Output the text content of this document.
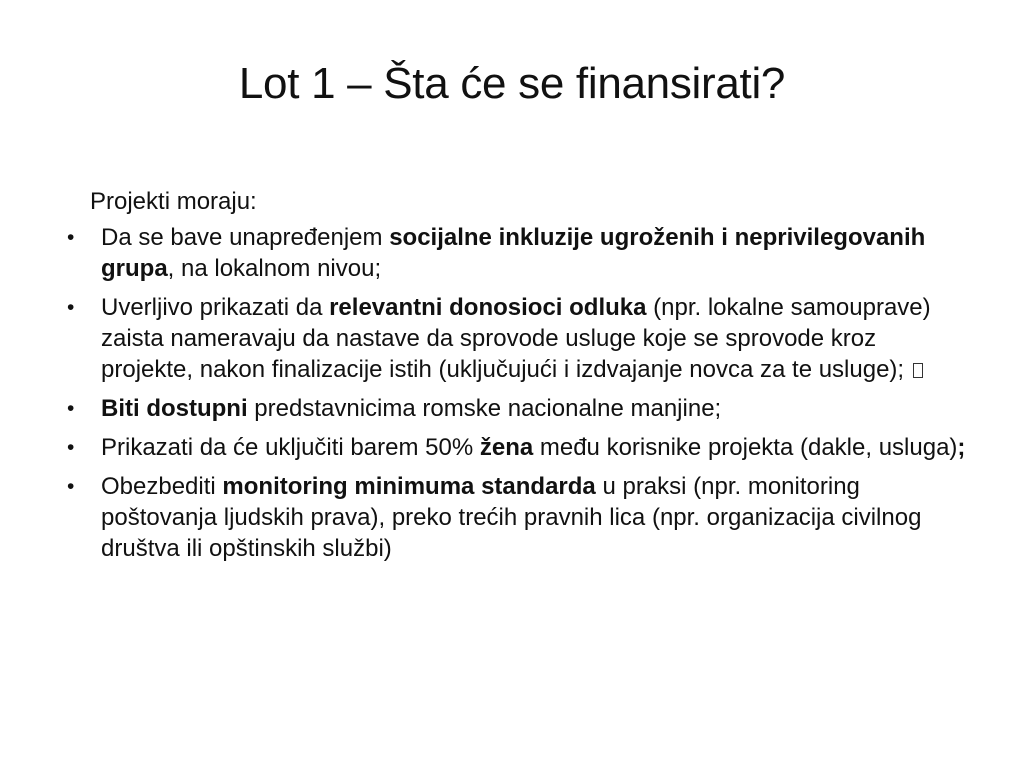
Lot 1 – Šta će se finansirati?

Projekti moraju:

• Da se bave unapređenjem socijalne inkluzije ugroženih i neprivilegovanih grupa, na lokalnom nivou;
• Uverljivo prikazati da relevantni donosioci odluka (npr. lokalne samouprave) zaista nameravaju da nastave da sprovode usluge koje se sprovode kroz projekte, nakon finalizacije istih (uključujući i izdvajanje novca za te usluge);
• Biti dostupni predstavnicima romske nacionalne manjine;
• Prikazati da će uključiti barem 50% žena među korisnike projekta (dakle, usluga);
• Obezbediti monitoring minimuma standarda u praksi (npr. monitoring poštovanja ljudskih prava), preko trećih pravnih lica (npr. organizacija civilnog društva ili opštinskih službi)
